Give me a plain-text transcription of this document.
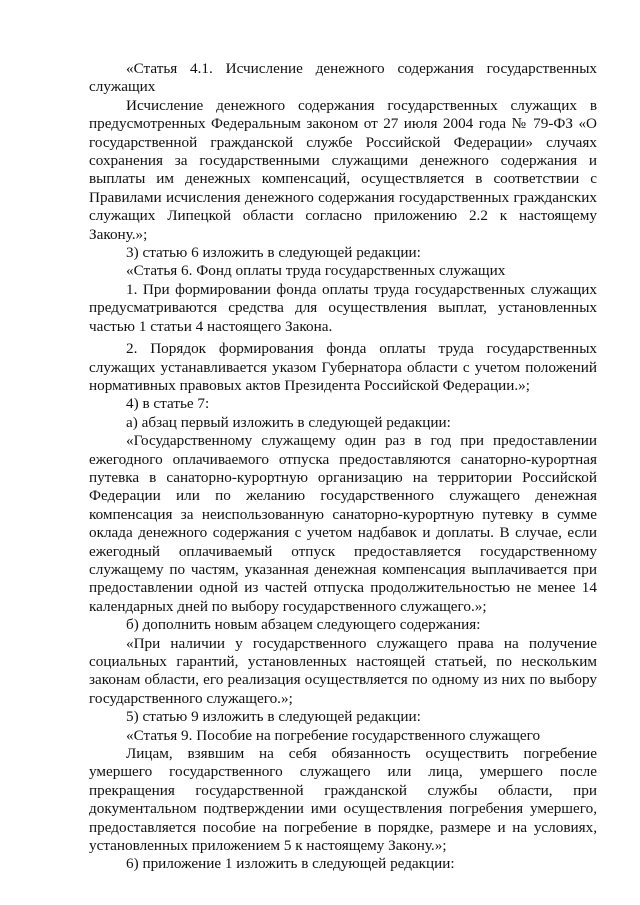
«Статья 4.1. Исчисление денежного содержания государственных служащих

Исчисление денежного содержания государственных служащих в предусмотренных Федеральным законом от 27 июля 2004 года № 79-ФЗ «О государственной гражданской службе Российской Федерации» случаях сохранения за государственными служащими денежного содержания и выплаты им денежных компенсаций, осуществляется в соответствии с Правилами исчисления денежного содержания государственных гражданских служащих Липецкой области согласно приложению 2.2 к настоящему Закону.»;

3) статью 6 изложить в следующей редакции:

«Статья 6. Фонд оплаты труда государственных служащих

1. При формировании фонда оплаты труда государственных служащих предусматриваются средства для осуществления выплат, установленных частью 1 статьи 4 настоящего Закона.

2. Порядок формирования фонда оплаты труда государственных служащих устанавливается указом Губернатора области с учетом положений нормативных правовых актов Президента Российской Федерации.»;

4) в статье 7:

а) абзац первый изложить в следующей редакции:

«Государственному служащему один раз в год при предоставлении ежегодного оплачиваемого отпуска предоставляются санаторно-курортная путевка в санаторно-курортную организацию на территории Российской Федерации или по желанию государственного служащего денежная компенсация за неиспользованную санаторно-курортную путевку в сумме оклада денежного содержания с учетом надбавок и доплаты. В случае, если ежегодный оплачиваемый отпуск предоставляется государственному служащему по частям, указанная денежная компенсация выплачивается при предоставлении одной из частей отпуска продолжительностью не менее 14 календарных дней по выбору государственного служащего.»;

б) дополнить новым абзацем следующего содержания:

«При наличии у государственного служащего права на получение социальных гарантий, установленных настоящей статьей, по нескольким законам области, его реализация осуществляется по одному из них по выбору государственного служащего.»;

5) статью 9 изложить в следующей редакции:

«Статья 9. Пособие на погребение государственного служащего

Лицам, взявшим на себя обязанность осуществить погребение умершего государственного служащего или лица, умершего после прекращения государственной гражданской службы области, при документальном подтверждении ими осуществления погребения умершего, предоставляется пособие на погребение в порядке, размере и на условиях, установленных приложением 5 к настоящему Закону.»;

6) приложение 1 изложить в следующей редакции:
